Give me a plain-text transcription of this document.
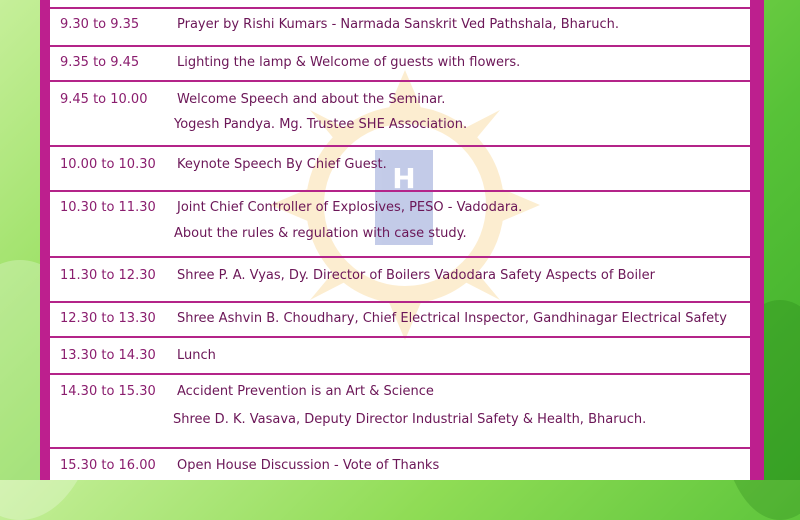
H
9.30 to 9.35	Prayer by Rishi Kumars - Narmada Sanskrit Ved Pathshala, Bharuch.
9.35 to 9.45	Lighting the lamp & Welcome of guests with flowers.
9.45 to 10.00 Welcome Speech and about the Seminar.
Yogesh Pandya. Mg. Trustee SHE Association.
10.00 to 10.30 Keynote Speech By Chief Guest.
10.30 to 11.30 Joint Chief Controller of Explosives, PESO - Vadodara.
About the rules & regulation with case study.
11.30 to 12.30 Shree P. A. Vyas, Dy. Director of Boilers Vadodara Safety Aspects of Boiler
12.30 to 13.30 Shree Ashvin B. Choudhary, Chief Electrical Inspector, Gandhinagar Electrical Safety
13.30 to 14.30 Lunch
14.30 to 15.30 Accident Prevention is an Art & Science
Shree D. K. Vasava, Deputy Director Industrial Safety & Health, Bharuch.
15.30 to 16.00 Open House Discussion - Vote of Thanks
